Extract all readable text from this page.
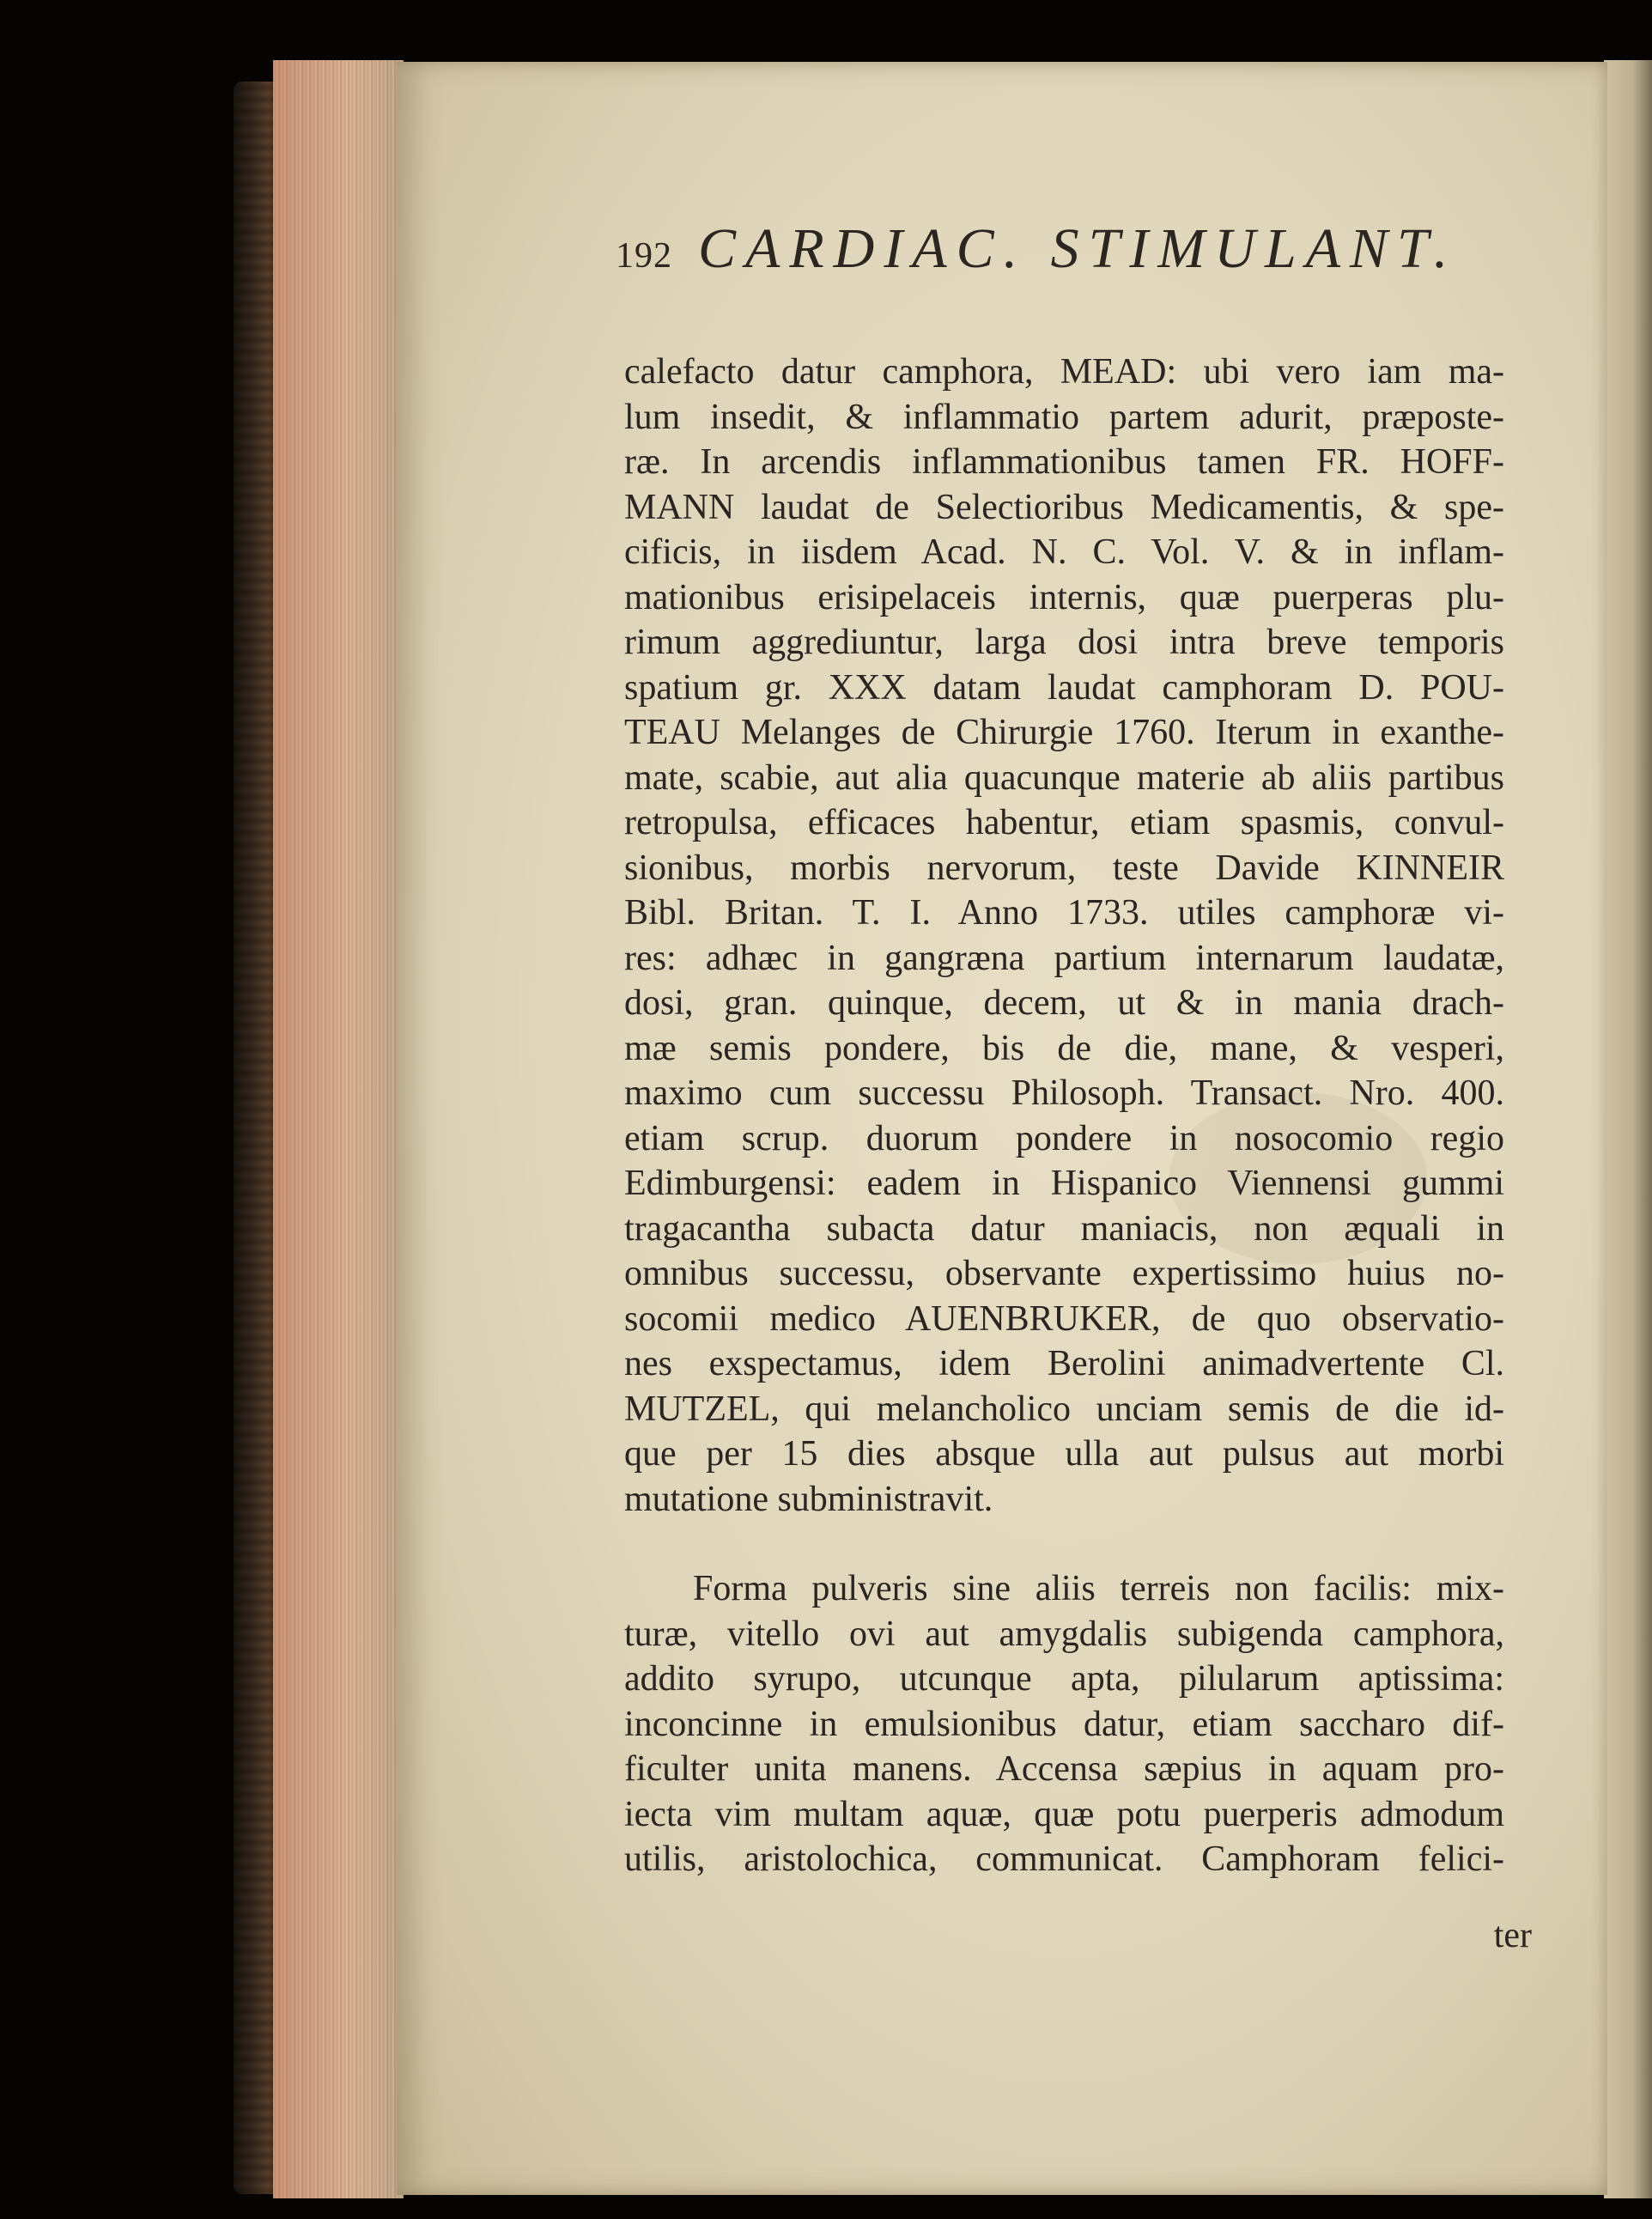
192 CARDIAC. STIMULANT.
calefacto datur camphora, MEAD: ubi vero iam ma-
lum insedit, & inflammatio partem adurit, præposte-
ræ. In arcendis inflammationibus tamen FR. HOFF-
MANN laudat de Selectioribus Medicamentis, & spe-
cificis, in iisdem Acad. N. C. Vol. V. & in inflam-
mationibus erisipelaceis internis, quæ puerperas plu-
rimum aggrediuntur, larga dosi intra breve temporis
spatium gr. XXX datam laudat camphoram D. POU-
TEAU Melanges de Chirurgie 1760. Iterum in exanthe-
mate, scabie, aut alia quacunque materie ab aliis partibus
retropulsa, efficaces habentur, etiam spasmis, convul-
sionibus, morbis nervorum, teste Davide KINNEIR
Bibl. Britan. T. I. Anno 1733. utiles camphoræ vi-
res: adhæc in gangræna partium internarum laudatæ,
dosi, gran. quinque, decem, ut & in mania drach-
mæ semis pondere, bis de die, mane, & vesperi,
maximo cum successu Philosoph. Transact. Nro. 400.
etiam scrup. duorum pondere in nosocomio regio
Edimburgensi: eadem in Hispanico Viennensi gummi
tragacantha subacta datur maniacis, non æquali in
omnibus successu, observante expertissimo huius no-
socomii medico AUENBRUKER, de quo observatio-
nes exspectamus, idem Berolini animadvertente Cl.
MUTZEL, qui melancholico unciam semis de die id-
que per 15 dies absque ulla aut pulsus aut morbi
mutatione subministravit.
Forma pulveris sine aliis terreis non facilis: mix-
turæ, vitello ovi aut amygdalis subigenda camphora,
addito syrupo, utcunque apta, pilularum aptissima:
inconcinne in emulsionibus datur, etiam saccharo dif-
ficulter unita manens. Accensa sæpius in aquam pro-
iecta vim multam aquæ, quæ potu puerperis admodum
utilis, aristolochica, communicat. Camphoram felici-
ter
